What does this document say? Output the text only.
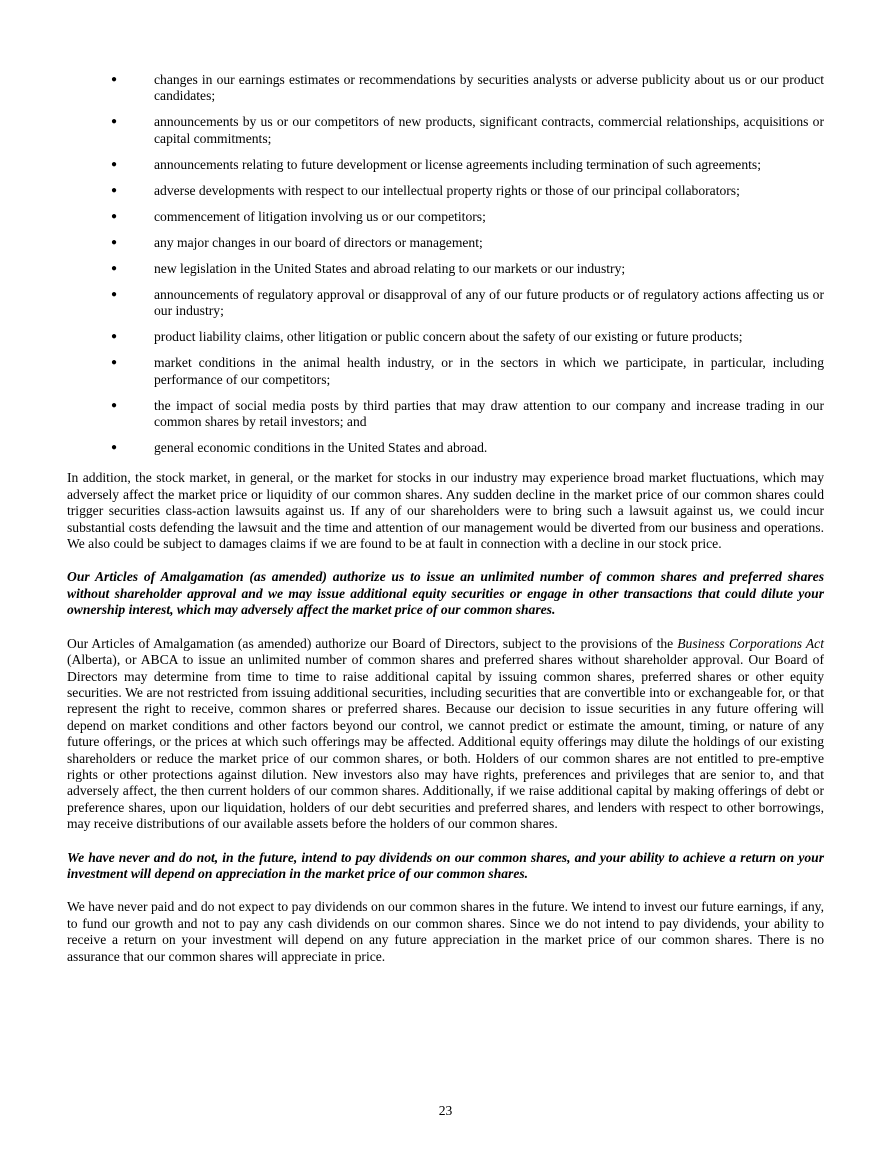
●	changes in our earnings estimates or recommendations by securities analysts or adverse publicity about us or our product candidates;
●	announcements by us or our competitors of new products, significant contracts, commercial relationships, acquisitions or capital commitments;
●	announcements relating to future development or license agreements including termination of such agreements;
●	adverse developments with respect to our intellectual property rights or those of our principal collaborators;
●	commencement of litigation involving us or our competitors;
●	any major changes in our board of directors or management;
●	new legislation in the United States and abroad relating to our markets or our industry;
●	announcements of regulatory approval or disapproval of any of our future products or of regulatory actions affecting us or our industry;
●	product liability claims, other litigation or public concern about the safety of our existing or future products;
●	market conditions in the animal health industry, or in the sectors in which we participate, in particular, including performance of our competitors;
●	the impact of social media posts by third parties that may draw attention to our company and increase trading in our common shares by retail investors; and
●	general economic conditions in the United States and abroad.

In addition, the stock market, in general, or the market for stocks in our industry may experience broad market fluctuations, which may adversely affect the market price or liquidity of our common shares. Any sudden decline in the market price of our common shares could trigger securities class-action lawsuits against us. If any of our shareholders were to bring such a lawsuit against us, we could incur substantial costs defending the lawsuit and the time and attention of our management would be diverted from our business and operations. We also could be subject to damages claims if we are found to be at fault in connection with a decline in our stock price.

Our Articles of Amalgamation (as amended) authorize us to issue an unlimited number of common shares and preferred shares without shareholder approval and we may issue additional equity securities or engage in other transactions that could dilute your ownership interest, which may adversely affect the market price of our common shares.

Our Articles of Amalgamation (as amended) authorize our Board of Directors, subject to the provisions of the Business Corporations Act (Alberta), or ABCA to issue an unlimited number of common shares and preferred shares without shareholder approval. Our Board of Directors may determine from time to time to raise additional capital by issuing common shares, preferred shares or other equity securities. We are not restricted from issuing additional securities, including securities that are convertible into or exchangeable for, or that represent the right to receive, common shares or preferred shares. Because our decision to issue securities in any future offering will depend on market conditions and other factors beyond our control, we cannot predict or estimate the amount, timing, or nature of any future offerings, or the prices at which such offerings may be affected. Additional equity offerings may dilute the holdings of our existing shareholders or reduce the market price of our common shares, or both. Holders of our common shares are not entitled to pre-emptive rights or other protections against dilution. New investors also may have rights, preferences and privileges that are senior to, and that adversely affect, the then current holders of our common shares. Additionally, if we raise additional capital by making offerings of debt or preference shares, upon our liquidation, holders of our debt securities and preferred shares, and lenders with respect to other borrowings, may receive distributions of our available assets before the holders of our common shares.

We have never and do not, in the future, intend to pay dividends on our common shares, and your ability to achieve a return on your investment will depend on appreciation in the market price of our common shares.

We have never paid and do not expect to pay dividends on our common shares in the future. We intend to invest our future earnings, if any, to fund our growth and not to pay any cash dividends on our common shares. Since we do not intend to pay dividends, your ability to receive a return on your investment will depend on any future appreciation in the market price of our common shares. There is no assurance that our common shares will appreciate in price.

23
